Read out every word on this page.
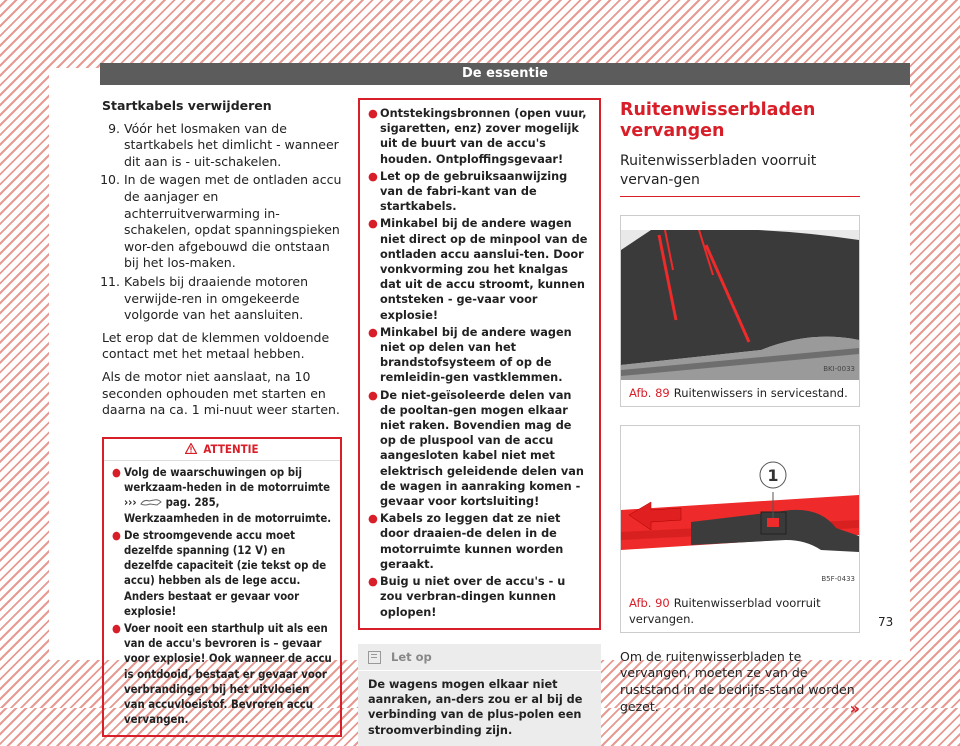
De essentie
Startkabels verwijderen
9. Vóór het losmaken van de startkabels het dimlicht - wanneer dit aan is - uit-schakelen.
10. In de wagen met de ontladen accu de aanjager en achterruitverwarming in-schakelen, opdat spanningspieken wor-den afgebouwd die ontstaan bij het los-maken.
11. Kabels bij draaiende motoren verwijde-ren in omgekeerde volgorde van het aansluiten.

Let erop dat de klemmen voldoende contact met het metaal hebben.

Als de motor niet aanslaat, na 10 seconden ophouden met starten en daarna na ca. 1 mi-nuut weer starten.

ATTENTIE
● Volg de waarschuwingen op bij werkzaam-heden in de motorruimte ›››  pag. 285,
Werkzaamheden in de motorruimte.
● De stroomgevende accu moet dezelfde spanning (12 V) en dezelfde capaciteit (zie tekst op de accu) hebben als de lege accu. Anders bestaat er gevaar voor explosie!
● Voer nooit een starthulp uit als een van de accu's bevroren is – gevaar voor explosie! Ook wanneer de accu is ontdooid, bestaat er gevaar voor verbrandingen bij het uitvloeien van accuvloeistof. Bevroren accu vervangen.
● Ontstekingsbronnen (open vuur, sigaretten, enz) zover mogelijk uit de buurt van de accu's houden. Ontploffingsgevaar!
● Let op de gebruiksaanwijzing van de fabri-kant van de startkabels.
● Minkabel bij de andere wagen niet direct op de minpool van de ontladen accu aanslui-ten. Door vonkvorming zou het knalgas dat uit de accu stroomt, kunnen ontsteken - ge-vaar voor explosie!
● Minkabel bij de andere wagen niet op delen van het brandstofsysteem of op de remleidin-gen vastklemmen.
● De niet-geïsoleerde delen van de pooltan-gen mogen elkaar niet raken. Bovendien mag de op de pluspool van de accu aangesloten kabel niet met elektrisch geleidende delen van de wagen in aanraking komen - gevaar voor kortsluiting!
● Kabels zo leggen dat ze niet door draaien-de delen in de motorruimte kunnen worden geraakt.
● Buig u niet over de accu's - u zou verbran-dingen kunnen oplopen!
Let op
De wagens mogen elkaar niet aanraken, an-ders zou er al bij de verbinding van de plus-polen een stroomverbinding zijn.
Ruitenwisserbladen vervangen
Ruitenwisserbladen voorruit vervan-gen
BKI-0033
Afb. 89 Ruitenwissers in servicestand.
1
B5F-0433
Afb. 90 Ruitenwisserblad voorruit vervangen.

Om de ruitenwisserbladen te vervangen, moeten ze van de ruststand in de bedrijfs-stand worden gezet.	»
73
